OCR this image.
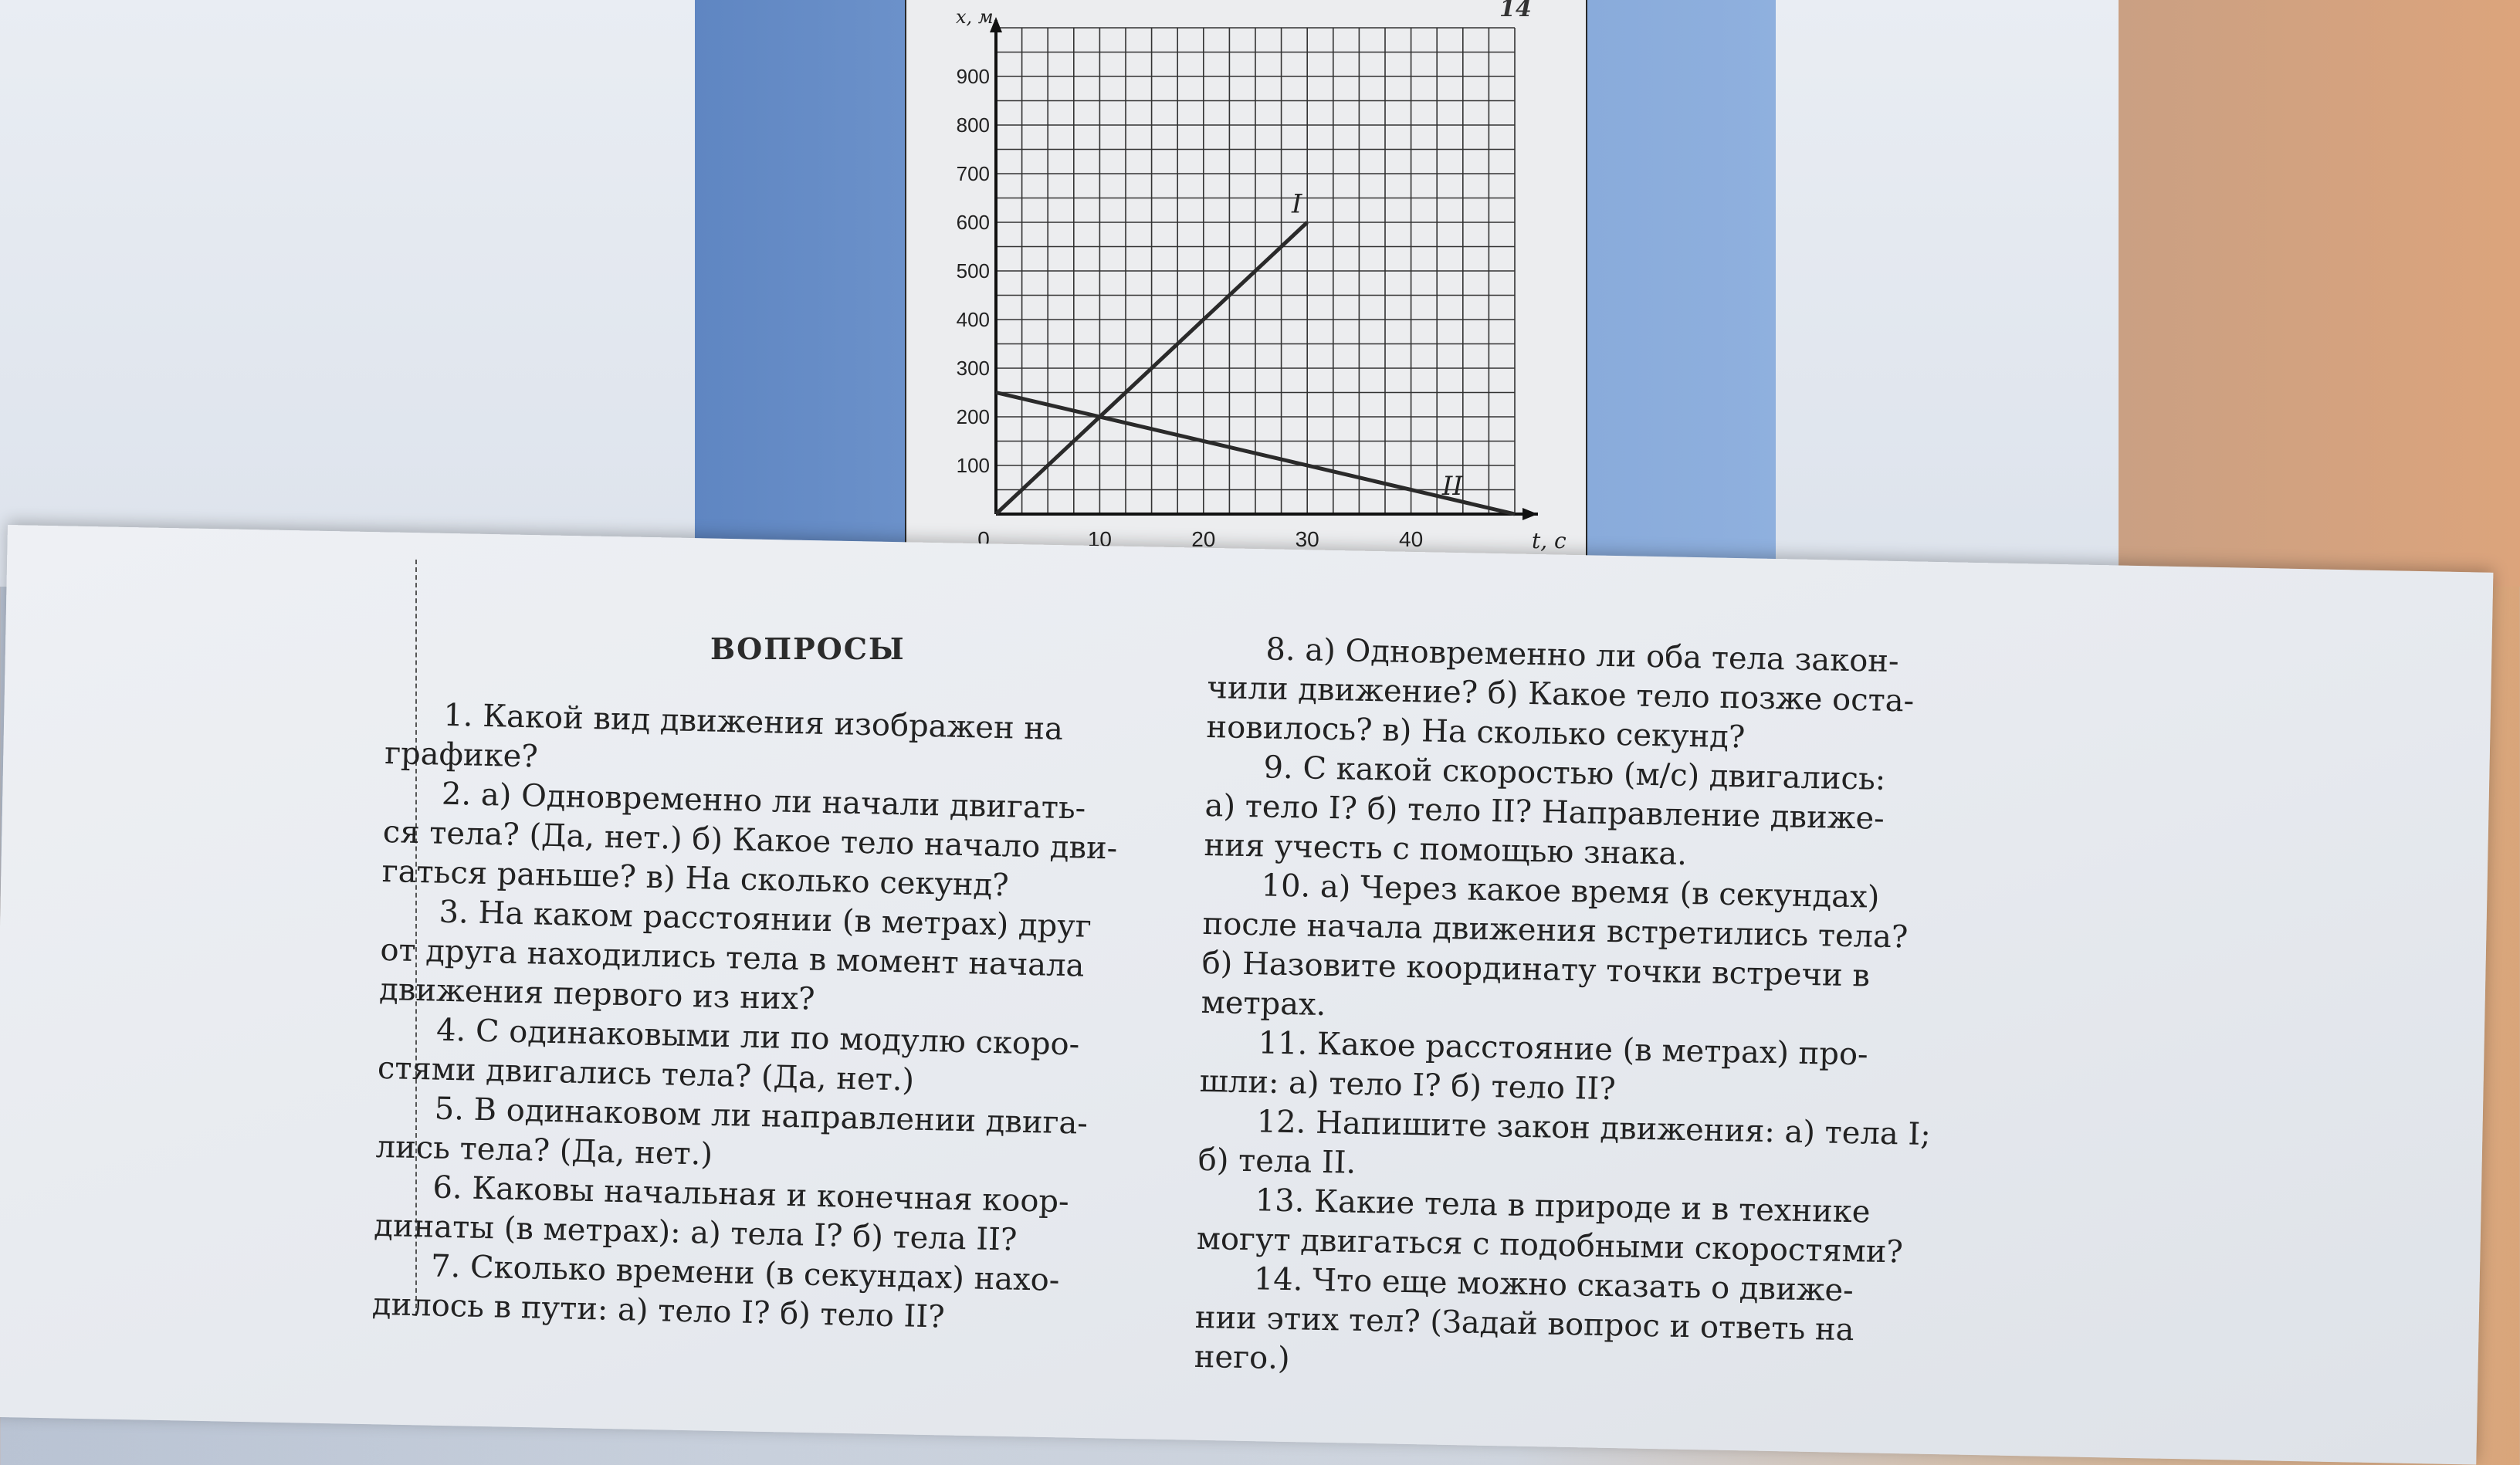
100
200
300
400
500
600
700
800
900
0	10	20	30	40
x, м
t, c
I
II
14
ВОПРОСЫ

1. Какой вид движения изображен на

графике?

2. а) Одновременно ли начали двигать-

ся тела? (Да, нет.) б) Какое тело начало дви-

гаться раньше? в) На сколько секунд?

3. На каком расстоянии (в метрах) друг

от друга находились тела в момент начала

движения первого из них?

4. С одинаковыми ли по модулю скоро-

стями двигались тела? (Да, нет.)

5. В одинаковом ли направлении двига-

лись тела? (Да, нет.)

6. Каковы начальная и конечная коор-

динаты (в метрах): а) тела I? б) тела II?

7. Сколько времени (в секундах) нахо-

дилось в пути: а) тело I? б) тело II?

8. а) Одновременно ли оба тела закон-

чили движение? б) Какое тело позже оста-

новилось? в) На сколько секунд?

9. С какой скоростью (м/с) двигались:

а) тело I? б) тело II? Направление движе-

ния учесть с помощью знака.

10. а) Через какое время (в секундах)

после начала движения встретились тела?

б) Назовите координату точки встречи в

метрах.

11. Какое расстояние (в метрах) про-

шли: а) тело I? б) тело II?

12. Напишите закон движения: а) тела I;

б) тела II.

13. Какие тела в природе и в технике

могут двигаться с подобными скоростями?

14. Что еще можно сказать о движе-

нии этих тел? (Задай вопрос и ответь на

него.)
